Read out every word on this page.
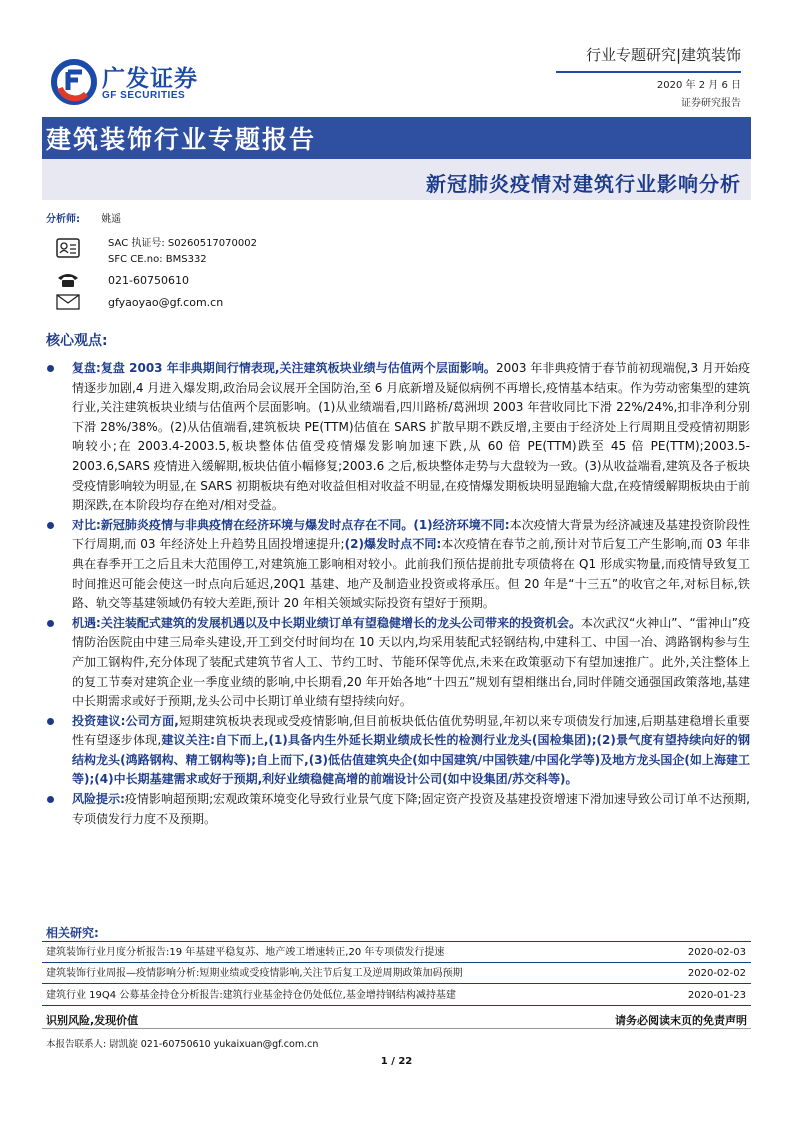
广发证券
GF SECURITIES
行业专题研究|建筑装饰
2020 年 2 月 6 日
证券研究报告
建筑装饰行业专题报告
新冠肺炎疫情对建筑行业影响分析
分析师: 姚遥
SAC 执证号: S0260517070002
SFC CE.no: BMS332
021-60750610
gfyaoyao@gf.com.cn
核心观点:
复盘:复盘 2003 年非典期间行情表现,关注建筑板块业绩与估值两个层面影响。2003 年非典疫情于春节前初现端倪,3 月开始疫情逐步加剧,4 月进入爆发期,政治局会议展开全国防治,至 6 月底新增及疑似病例不再增长,疫情基本结束。作为劳动密集型的建筑行业,关注建筑板块业绩与估值两个层面影响。(1)从业绩端看,四川路桥/葛洲坝 2003 年营收同比下滑 22%/24%,扣非净利分别下滑 28%/38%。(2)从估值端看,建筑板块 PE(TTM)估值在 SARS 扩散早期不跌反增,主要由于经济处上行周期且受疫情初期影响较小;在 2003.4-2003.5,板块整体估值受疫情爆发影响加速下跌,从 60 倍 PE(TTM)跌至 45 倍 PE(TTM);2003.5-2003.6,SARS 疫情进入缓解期,板块估值小幅修复;2003.6 之后,板块整体走势与大盘较为一致。(3)从收益端看,建筑及各子板块受疫情影响较为明显,在 SARS 初期板块有绝对收益但相对收益不明显,在疫情爆发期板块明显跑输大盘,在疫情缓解期板块由于前期深跌,在本阶段均存在绝对/相对受益。
对比:新冠肺炎疫情与非典疫情在经济环境与爆发时点存在不同。(1)经济环境不同:本次疫情大背景为经济减速及基建投资阶段性下行周期,而 03 年经济处上升趋势且固投增速提升;(2)爆发时点不同:本次疫情在春节之前,预计对节后复工产生影响,而 03 年非典在春季开工之后且未大范围停工,对建筑施工影响相对较小。此前我们预估提前批专项债将在 Q1 形成实物量,而疫情导致复工时间推迟可能会使这一时点向后延迟,20Q1 基建、地产及制造业投资或将承压。但 20 年是“十三五”的收官之年,对标目标,铁路、轨交等基建领域仍有较大差距,预计 20 年相关领域实际投资有望好于预期。
机遇:关注装配式建筑的发展机遇以及中长期业绩订单有望稳健增长的龙头公司带来的投资机会。本次武汉“火神山”、“雷神山”疫情防治医院由中建三局牵头建设,开工到交付时间均在 10 天以内,均采用装配式轻钢结构,中建科工、中国一冶、鸿路钢构参与生产加工钢构件,充分体现了装配式建筑节省人工、节约工时、节能环保等优点,未来在政策驱动下有望加速推广。此外,关注整体上的复工节奏对建筑企业一季度业绩的影响,中长期看,20 年开始各地“十四五”规划有望相继出台,同时伴随交通强国政策落地,基建中长期需求或好于预期,龙头公司中长期订单业绩有望持续向好。
投资建议:公司方面,短期建筑板块表现或受疫情影响,但目前板块低估值优势明显,年初以来专项债发行加速,后期基建稳增长重要性有望逐步体现,建议关注:自下而上,(1)具备内生外延长期业绩成长性的检测行业龙头(国检集团);(2)景气度有望持续向好的钢结构龙头(鸿路钢构、精工钢构等);自上而下,(3)低估值建筑央企(如中国建筑/中国铁建/中国化学等)及地方龙头国企(如上海建工等);(4)中长期基建需求或好于预期,利好业绩稳健高增的前端设计公司(如中设集团/苏交科等)。
风险提示:疫情影响超预期;宏观政策环境变化导致行业景气度下降;固定资产投资及基建投资增速下滑加速导致公司订单不达预期,专项债发行力度不及预期。
相关研究:
建筑装饰行业月度分析报告:19 年基建平稳复苏、地产竣工增速转正,20 年专项债发行提速	2020-02-03
建筑装饰行业周报—疫情影响分析:短期业绩或受疫情影响,关注节后复工及逆周期政策加码预期	2020-02-02
建筑行业 19Q4 公募基金持仓分析报告:建筑行业基金持仓仍处低位,基金增持钢结构减持基建	2020-01-23
识别风险,发现价值	请务必阅读末页的免责声明
本报告联系人: 尉凯旋 021-60750610 yukaixuan@gf.com.cn
1 / 22
